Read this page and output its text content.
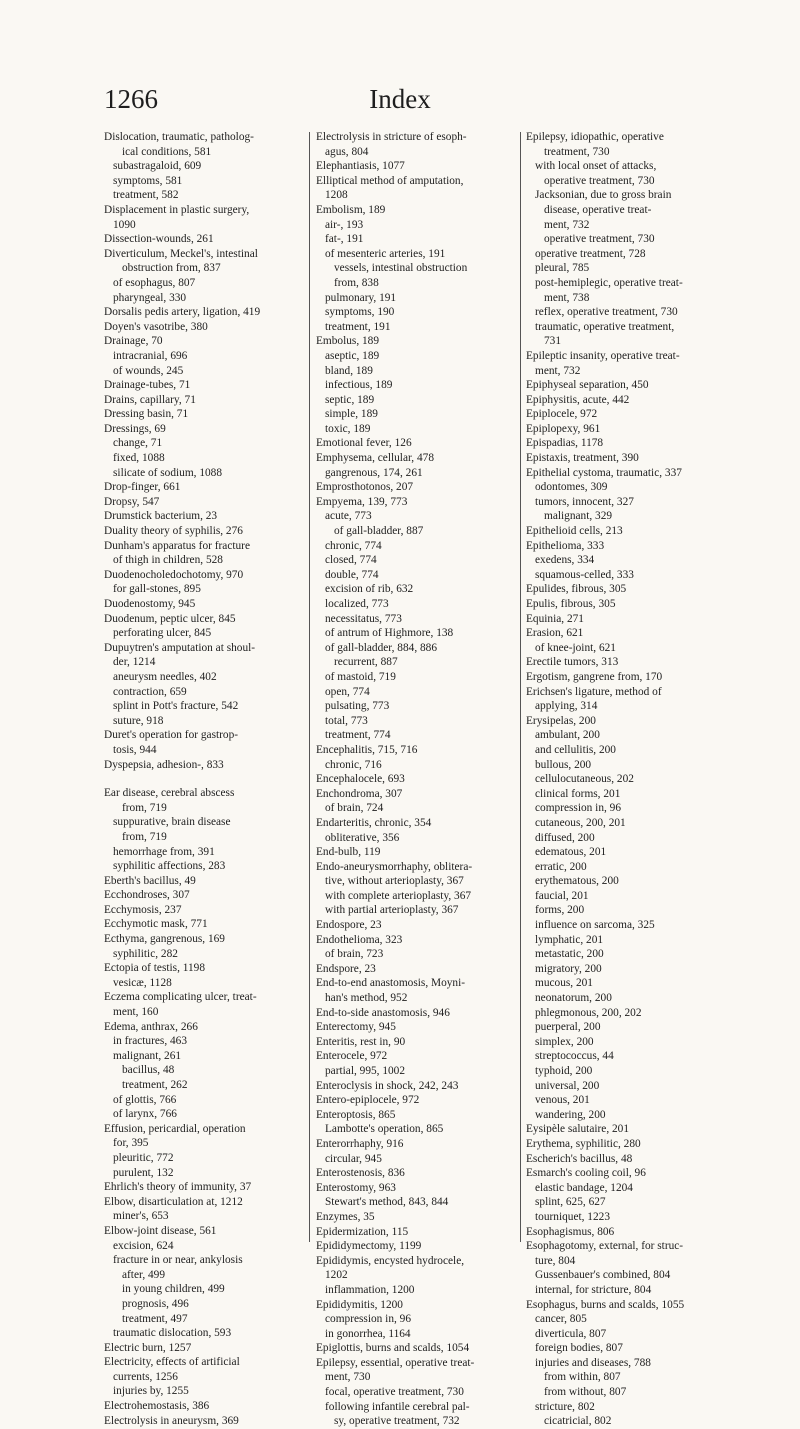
1266	Index
Dislocation, traumatic, patholog-
ical conditions, 581
subastragaloid, 609
symptoms, 581
treatment, 582
Displacement in plastic surgery,
1090
Dissection-wounds, 261
Diverticulum, Meckel's, intestinal
obstruction from, 837
of esophagus, 807
pharyngeal, 330
Dorsalis pedis artery, ligation, 419
Doyen's vasotribe, 380
Drainage, 70
intracranial, 696
of wounds, 245
Drainage-tubes, 71
Drains, capillary, 71
Dressing basin, 71
Dressings, 69
change, 71
fixed, 1088
silicate of sodium, 1088
Drop-finger, 661
Dropsy, 547
Drumstick bacterium, 23
Duality theory of syphilis, 276
Dunham's apparatus for fracture
of thigh in children, 528
Duodenocholedochotomy, 970
for gall-stones, 895
Duodenostomy, 945
Duodenum, peptic ulcer, 845
perforating ulcer, 845
Dupuytren's amputation at shoul-
der, 1214
aneurysm needles, 402
contraction, 659
splint in Pott's fracture, 542
suture, 918
Duret's operation for gastrop-
tosis, 944
Dyspepsia, adhesion-, 833
Ear disease, cerebral abscess
from, 719
suppurative, brain disease
from, 719
hemorrhage from, 391
syphilitic affections, 283
Eberth's bacillus, 49
Ecchondroses, 307
Ecchymosis, 237
Ecchymotic mask, 771
Ecthyma, gangrenous, 169
syphilitic, 282
Ectopia of testis, 1198
vesicæ, 1128
Eczema complicating ulcer, treat-
ment, 160
Edema, anthrax, 266
in fractures, 463
malignant, 261
bacillus, 48
treatment, 262
of glottis, 766
of larynx, 766
Effusion, pericardial, operation
for, 395
pleuritic, 772
purulent, 132
Ehrlich's theory of immunity, 37
Elbow, disarticulation at, 1212
miner's, 653
Elbow-joint disease, 561
excision, 624
fracture in or near, ankylosis
after, 499
in young children, 499
prognosis, 496
treatment, 497
traumatic dislocation, 593
Electric burn, 1257
Electricity, effects of artificial
currents, 1256
injuries by, 1255
Electrohemostasis, 386
Electrolysis in aneurysm, 369
Electrolysis in stricture of esoph-
agus, 804
Elephantiasis, 1077
Elliptical method of amputation,
1208
Embolism, 189
air-, 193
fat-, 191
of mesenteric arteries, 191
vessels, intestinal obstruction
from, 838
pulmonary, 191
symptoms, 190
treatment, 191
Embolus, 189
aseptic, 189
bland, 189
infectious, 189
septic, 189
simple, 189
toxic, 189
Emotional fever, 126
Emphysema, cellular, 478
gangrenous, 174, 261
Emprosthotonos, 207
Empyema, 139, 773
acute, 773
of gall-bladder, 887
chronic, 774
closed, 774
double, 774
excision of rib, 632
localized, 773
necessitatus, 773
of antrum of Highmore, 138
of gall-bladder, 884, 886
recurrent, 887
of mastoid, 719
open, 774
pulsating, 773
total, 773
treatment, 774
Encephalitis, 715, 716
chronic, 716
Encephalocele, 693
Enchondroma, 307
of brain, 724
Endarteritis, chronic, 354
obliterative, 356
End-bulb, 119
Endo-aneurysmorrhaphy, oblitera-
tive, without arterioplasty, 367
with complete arterioplasty, 367
with partial arterioplasty, 367
Endospore, 23
Endothelioma, 323
of brain, 723
Endspore, 23
End-to-end anastomosis, Moyni-
han's method, 952
End-to-side anastomosis, 946
Enterectomy, 945
Enteritis, rest in, 90
Enterocele, 972
partial, 995, 1002
Enteroclysis in shock, 242, 243
Entero-epiplocele, 972
Enteroptosis, 865
Lambotte's operation, 865
Enterorrhaphy, 916
circular, 945
Enterostenosis, 836
Enterostomy, 963
Stewart's method, 843, 844
Enzymes, 35
Epidermization, 115
Epididymectomy, 1199
Epididymis, encysted hydrocele,
1202
inflammation, 1200
Epididymitis, 1200
compression in, 96
in gonorrhea, 1164
Epiglottis, burns and scalds, 1054
Epilepsy, essential, operative treat-
ment, 730
focal, operative treatment, 730
following infantile cerebral pal-
sy, operative treatment, 732
Epilepsy, idiopathic, operative
treatment, 730
with local onset of attacks,
operative treatment, 730
Jacksonian, due to gross brain
disease, operative treat-
ment, 732
operative treatment, 730
operative treatment, 728
pleural, 785
post-hemiplegic, operative treat-
ment, 738
reflex, operative treatment, 730
traumatic, operative treatment,
731
Epileptic insanity, operative treat-
ment, 732
Epiphyseal separation, 450
Epiphysitis, acute, 442
Epiplocele, 972
Epiplopexy, 961
Epispadias, 1178
Epistaxis, treatment, 390
Epithelial cystoma, traumatic, 337
odontomes, 309
tumors, innocent, 327
malignant, 329
Epithelioid cells, 213
Epithelioma, 333
exedens, 334
squamous-celled, 333
Epulides, fibrous, 305
Epulis, fibrous, 305
Equinia, 271
Erasion, 621
of knee-joint, 621
Erectile tumors, 313
Ergotism, gangrene from, 170
Erichsen's ligature, method of
applying, 314
Erysipelas, 200
ambulant, 200
and cellulitis, 200
bullous, 200
cellulocutaneous, 202
clinical forms, 201
compression in, 96
cutaneous, 200, 201
diffused, 200
edematous, 201
erratic, 200
erythematous, 200
faucial, 201
forms, 200
influence on sarcoma, 325
lymphatic, 201
metastatic, 200
migratory, 200
mucous, 201
neonatorum, 200
phlegmonous, 200, 202
puerperal, 200
simplex, 200
streptococcus, 44
typhoid, 200
universal, 200
venous, 201
wandering, 200
Eysipèle salutaire, 201
Erythema, syphilitic, 280
Escherich's bacillus, 48
Esmarch's cooling coil, 96
elastic bandage, 1204
splint, 625, 627
tourniquet, 1223
Esophagismus, 806
Esophagotomy, external, for struc-
ture, 804
Gussenbauer's combined, 804
internal, for stricture, 804
Esophagus, burns and scalds, 1055
cancer, 805
diverticula, 807
foreign bodies, 807
injuries and diseases, 788
from within, 807
from without, 807
stricture, 802
cicatricial, 802
